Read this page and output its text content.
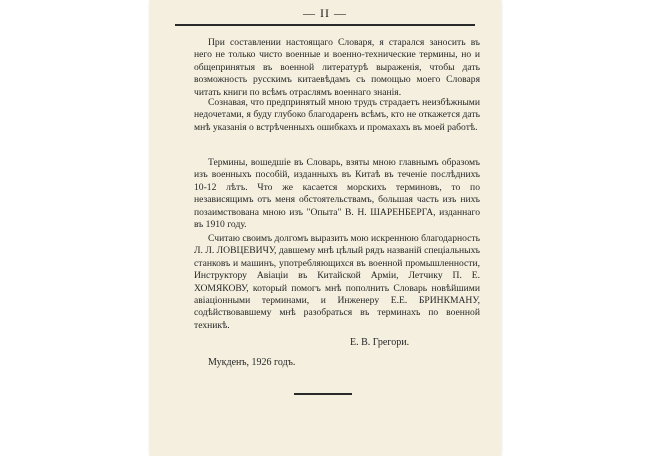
— II —

При составлении настоящаго Словаря, я старался заносить въ него не только чисто военные и военно-технические термины, но и общепринятыя въ военной литературѣ выраженія, чтобы дать возможность русскимъ китаевѣдамъ съ помощью моего Словаря читать книги по всѣмъ отраслямъ военнаго знанія.

Сознавая, что предпринятый мною трудъ страдаетъ неизбѣжными недочетами, я буду глубоко благодаренъ всѣмъ, кто не откажется дать мнѣ указанія о встрѣченныхъ ошибкахъ и промахахъ въ моей работѣ.

Термины, вошедшіе въ Словарь, взяты мною главнымъ образомъ изъ военныхъ пособій, изданныхъ въ Китаѣ въ теченіе послѣднихъ 10-12 лѣтъ. Что же касается морскихъ терминовъ, то по независящимъ отъ меня обстоятельствамъ, большая часть изъ нихъ позаимствована мною изъ "Опыта" В. Н. ШАРЕНБЕРГА, изданнаго въ 1910 году.

Считаю своимъ долгомъ выразить мою искреннюю благодарность Л. Л. ЛОВЦЕВИЧУ, давшему мнѣ цѣлый рядъ названій спеціальныхъ станковъ и машинъ, употребляющихся въ военной промышленности, Инструктору Авіаціи въ Китайской Арміи, Летчику П. Е. ХОМЯКОВУ, который помогъ мнѣ пополнить Словарь новѣйшими авіаціонными терминами, и Инженеру Е.Е. БРИНКМАНУ, содѣйствовавшему мнѣ разобраться въ терминахъ по военной техникѣ.

Е. В. Грегори.
Мукденъ, 1926 годъ.
